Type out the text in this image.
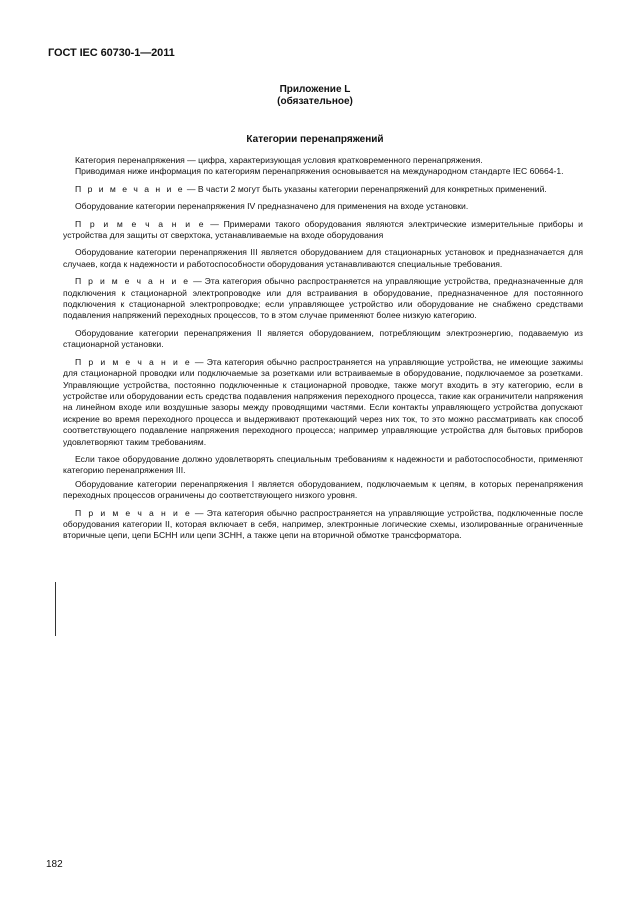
ГОСТ IEC 60730-1—2011
Приложение L
(обязательное)
Категории перенапряжений

Категория перенапряжения — цифра, характеризующая условия кратковременного перенапряжения.

Приводимая ниже информация по категориям перенапряжения основывается на международном стандарте IEC 60664-1.

П р и м е ч а н и е — В части 2 могут быть указаны категории перенапряжений для конкретных применений.

Оборудование категории перенапряжения IV предназначено для применения на входе установки.

П р и м е ч а н и е — Примерами такого оборудования являются электрические измерительные приборы и устройства для защиты от сверхтока, устанавливаемые на входе оборудования

Оборудование категории перенапряжения III является оборудованием для стационарных установок и предназначается для случаев, когда к надежности и работоспособности оборудования устанавливаются специальные требования.

П р и м е ч а н и е — Эта категория обычно распространяется на управляющие устройства, предназначенные для подключения к стационарной электропроводке или для встраивания в оборудование, предназначенное для постоянного подключения к стационарной электропроводке; если управляющее устройство или оборудование не снабжено средствами подавления напряжений переходных процессов, то в этом случае применяют более низкую категорию.

Оборудование категории перенапряжения II является оборудованием, потребляющим электроэнергию, подаваемую из стационарной установки.

П р и м е ч а н и е — Эта категория обычно распространяется на управляющие устройства, не имеющие зажимы для стационарной проводки или подключаемые за розетками или встраиваемые в оборудование, подключаемое за розетками. Управляющие устройства, постоянно подключенные к стационарной проводке, также могут входить в эту категорию, если в устройстве или оборудовании есть средства подавления напряжения переходного процесса, такие как ограничители напряжения на линейном входе или воздушные зазоры между проводящими частями. Если контакты управляющего устройства допускают искрение во время переходного процесса и выдерживают протекающий через них ток, то это можно рассматривать как способ соответствующего подавление напряжения переходного процесса; например управляющие устройства для бытовых приборов удовлетворяют таким требованиям.

Если такое оборудование должно удовлетворять специальным требованиям к надежности и работоспособности, применяют категорию перенапряжения III.

Оборудование категории перенапряжения I является оборудованием, подключаемым к цепям, в которых перенапряжения переходных процессов ограничены до соответствующего низкого уровня.

П р и м е ч а н и е — Эта категория обычно распространяется на управляющие устройства, подключенные после оборудования категории II, которая включает в себя, например, электронные логические схемы, изолированные ограниченные вторичные цепи, цепи БСНН или цепи ЗСНН, а также цепи на вторичной обмотке трансформатора.

182
